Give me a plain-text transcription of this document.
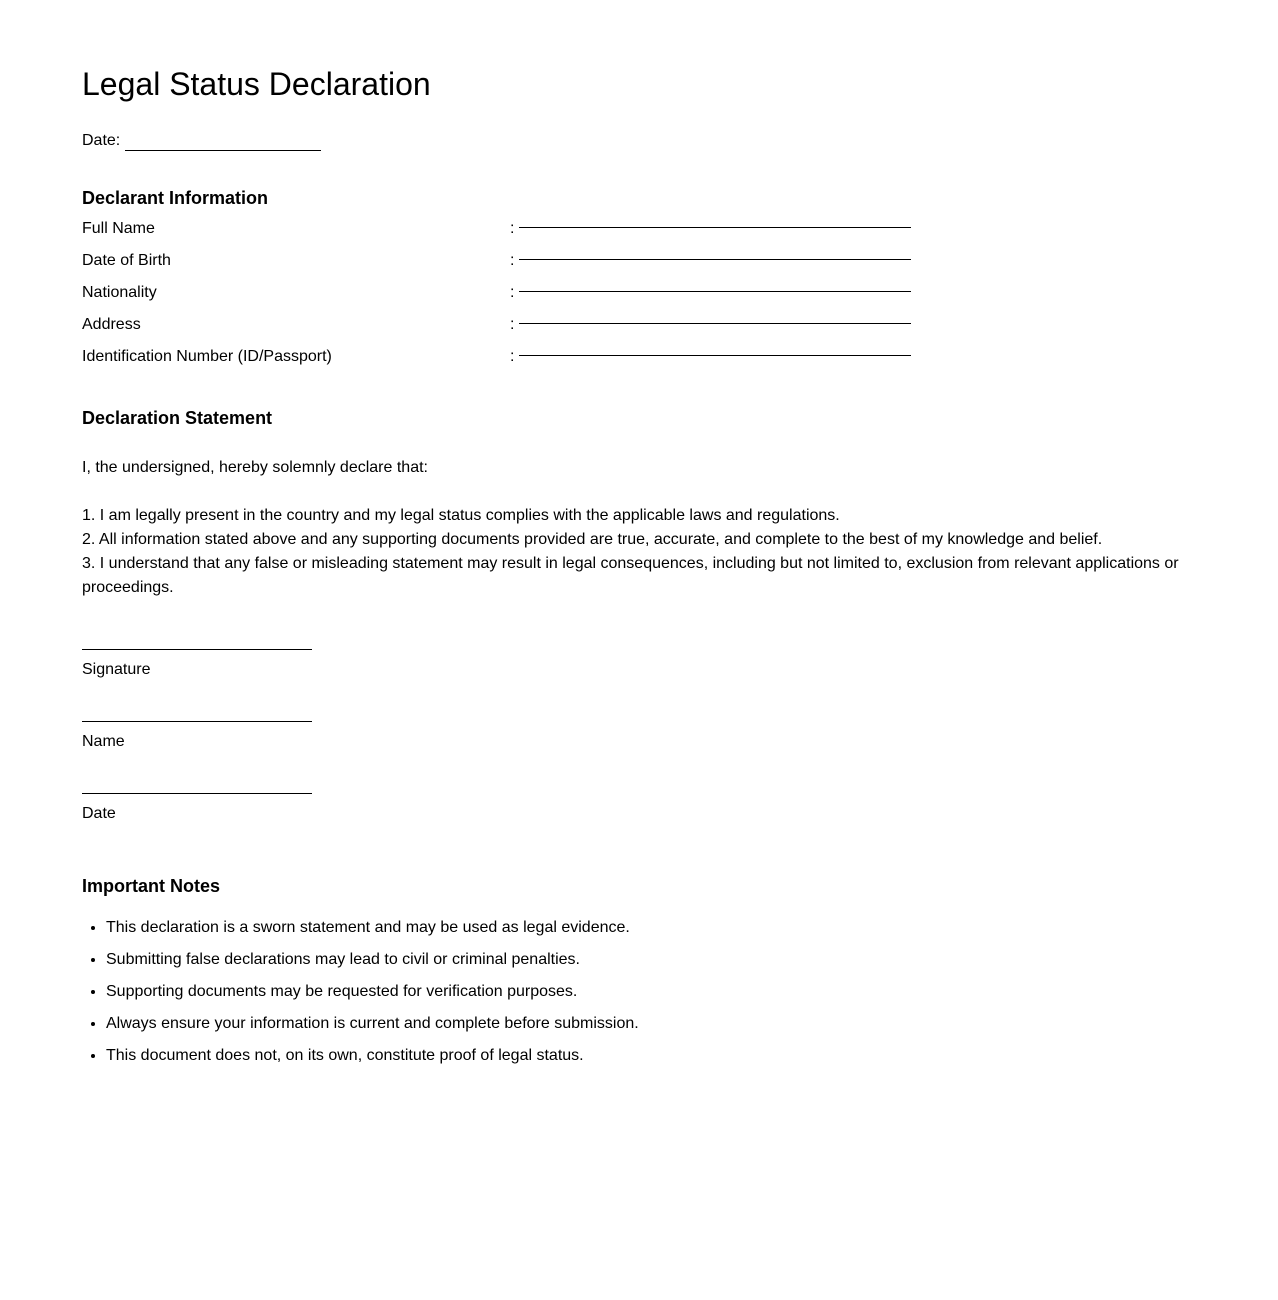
Legal Status Declaration
Date:
Declarant Information
Full Name	:
Date of Birth	:
Nationality	:
Address	:
Identification Number (ID/Passport)	:
Declaration Statement

I, the undersigned, hereby solemnly declare that:

1. I am legally present in the country and my legal status complies with the applicable laws and regulations.
2. All information stated above and any supporting documents provided are true, accurate, and complete to the best of my knowledge and belief.
3. I understand that any false or misleading statement may result in legal consequences, including but not limited to, exclusion from relevant applications or proceedings.
Signature
Name
Date
Important Notes
• This declaration is a sworn statement and may be used as legal evidence.
• Submitting false declarations may lead to civil or criminal penalties.
• Supporting documents may be requested for verification purposes.
• Always ensure your information is current and complete before submission.
• This document does not, on its own, constitute proof of legal status.
